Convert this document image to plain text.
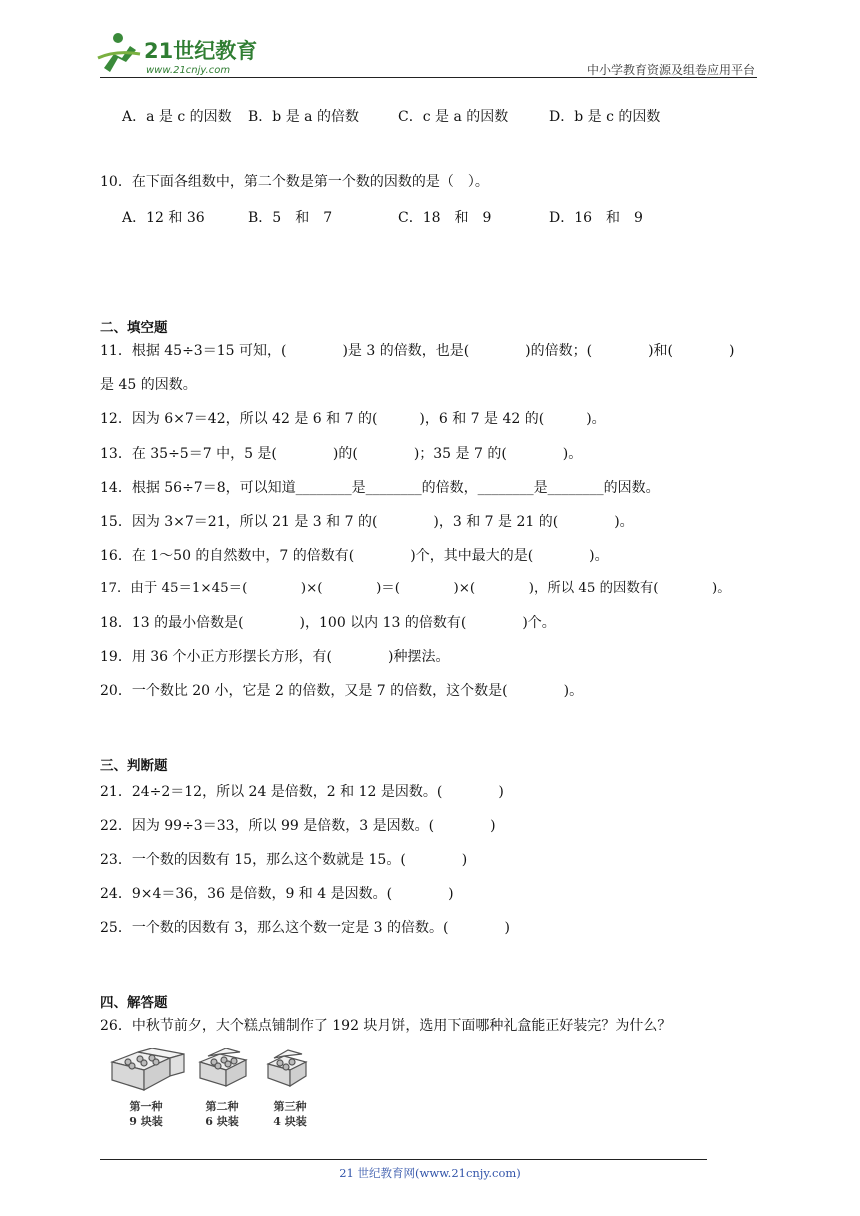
21世纪教育
www.21cnjy.com	中小学教育资源及组卷应用平台
A．a 是 c 的因数 B．b 是 a 的倍数	C．c 是 a 的因数	D．b 是 c 的因数
10．在下面各组数中，第二个数是第一个数的因数的是（　）。
A．12 和 36	B．5　和　7	C．18　和　9	D．16　和　9
二、填空题
11．根据 45÷3＝15 可知，(　　　　)是 3 的倍数，也是(　　　　)的倍数；(　　　　)和(　　　　)
是 45 的因数。
12．因为 6×7＝42，所以 42 是 6 和 7 的(　　　)，6 和 7 是 42 的(　　　)。
13．在 35÷5＝7 中，5 是(　　　　)的(　　　　)；35 是 7 的(　　　　)。
14．根据 56÷7＝8，可以知道________是________的倍数，________是________的因数。
15．因为 3×7＝21，所以 21 是 3 和 7 的(　　　　)，3 和 7 是 21 的(　　　　)。
16．在 1～50 的自然数中，7 的倍数有(　　　　)个，其中最大的是(　　　　)。
17．由于 45＝1×45＝(　　　　)×(　　　　)＝(　　　　)×(　　　　)，所以 45 的因数有(　　　　)。
18．13 的最小倍数是(　　　　)，100 以内 13 的倍数有(　　　　)个。
19．用 36 个小正方形摆长方形，有(　　　　)种摆法。
20．一个数比 20 小，它是 2 的倍数，又是 7 的倍数，这个数是(　　　　)。
三、判断题
21．24÷2＝12，所以 24 是倍数，2 和 12 是因数。(　　　　)
22．因为 99÷3＝33，所以 99 是倍数，3 是因数。(　　　　)
23．一个数的因数有 15，那么这个数就是 15。(　　　　)
24．9×4＝36，36 是倍数，9 和 4 是因数。(　　　　)
25．一个数的因数有 3，那么这个数一定是 3 的倍数。(　　　　)
四、解答题
26．中秋节前夕，大个糕点铺制作了 192 块月饼，选用下面哪种礼盒能正好装完？为什么？
第一种
9 块装
第二种
6 块装
第三种
4 块装
21 世纪教育网(www.21cnjy.com)
